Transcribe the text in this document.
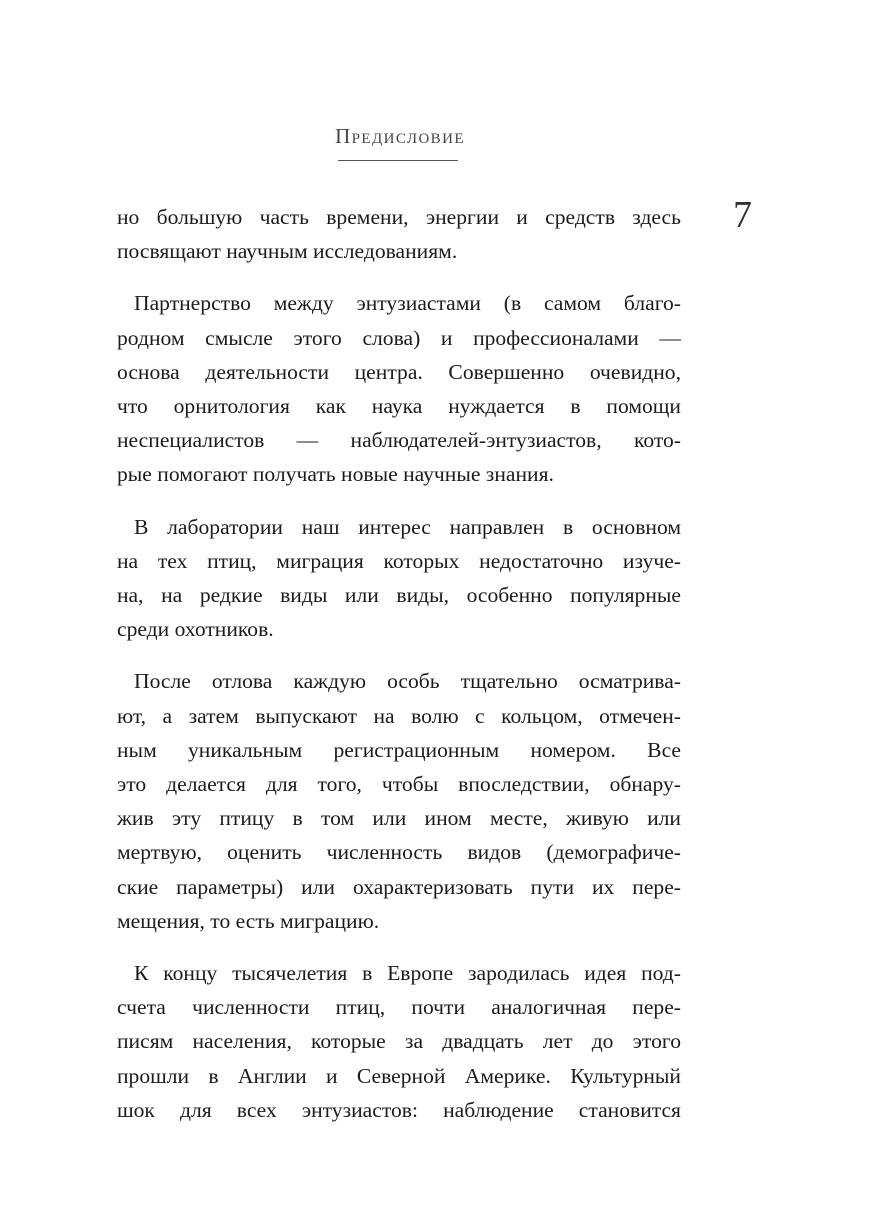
Предисловие
7

но большую часть времени, энергии и средств здесь
посвящают научным исследованиям.

Партнерство между энтузиастами (в самом благо-
родном смысле этого слова) и профессионалами —
основа деятельности центра. Совершенно очевидно,
что орнитология как наука нуждается в помощи
неспециалистов — наблюдателей-энтузиастов, кото-
рые помогают получать новые научные знания.

В лаборатории наш интерес направлен в основном
на тех птиц, миграция которых недостаточно изуче-
на, на редкие виды или виды, особенно популярные
среди охотников.

После отлова каждую особь тщательно осматрива-
ют, а затем выпускают на волю с кольцом, отмечен-
ным уникальным регистрационным номером. Все
это делается для того, чтобы впоследствии, обнару-
жив эту птицу в том или ином месте, живую или
мертвую, оценить численность видов (демографиче-
ские параметры) или охарактеризовать пути их пере-
мещения, то есть миграцию.

К концу тысячелетия в Европе зародилась идея под-
счета численности птиц, почти аналогичная пере-
писям населения, которые за двадцать лет до этого
прошли в Англии и Северной Америке. Культурный
шок для всех энтузиастов: наблюдение становится
